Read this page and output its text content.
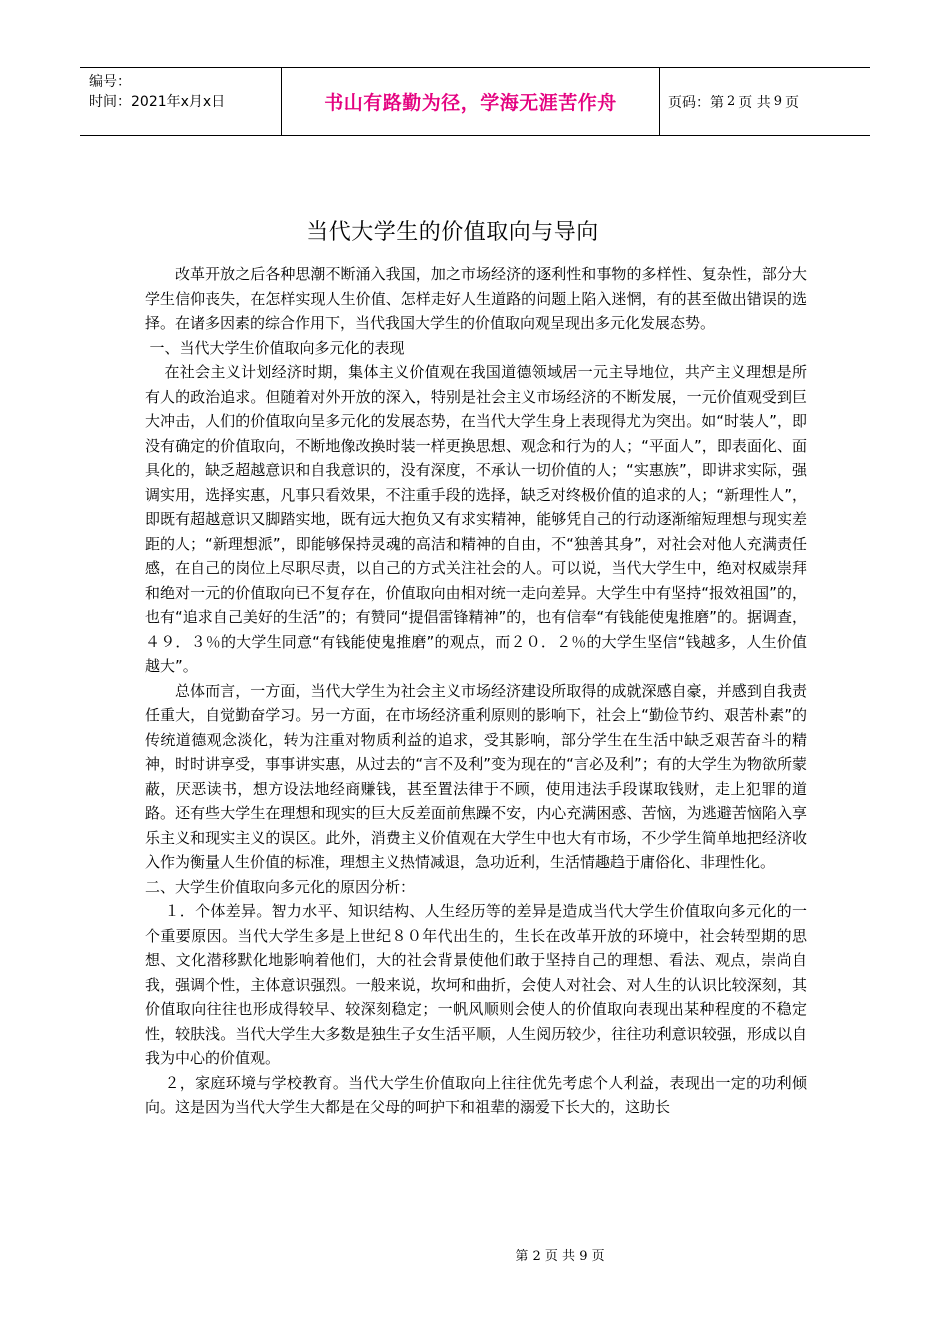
编号：
时间：2021年x月x日	书山有路勤为径，学海无涯苦作舟	页码：第 2 页 共 9 页
当代大学生的价值取向与导向

改革开放之后各种思潮不断涌入我国，加之市场经济的逐利性和事物的多样性、复杂性，部分大学生信仰丧失，在怎样实现人生价值、怎样走好人生道路的问题上陷入迷惘，有的甚至做出错误的选择。在诸多因素的综合作用下，当代我国大学生的价值取向观呈现出多元化发展态势。

一、当代大学生价值取向多元化的表现

在社会主义计划经济时期，集体主义价值观在我国道德领域居一元主导地位，共产主义理想是所有人的政治追求。但随着对外开放的深入，特别是社会主义市场经济的不断发展，一元价值观受到巨大冲击，人们的价值取向呈多元化的发展态势，在当代大学生身上表现得尤为突出。如“时装人”，即没有确定的价值取向，不断地像改换时装一样更换思想、观念和行为的人；“平面人”，即表面化、面具化的，缺乏超越意识和自我意识的，没有深度，不承认一切价值的人；“实惠族”，即讲求实际，强调实用，选择实惠，凡事只看效果，不注重手段的选择，缺乏对终极价值的追求的人；“新理性人”，即既有超越意识又脚踏实地，既有远大抱负又有求实精神，能够凭自己的行动逐渐缩短理想与现实差距的人；“新理想派”，即能够保持灵魂的高洁和精神的自由，不“独善其身”，对社会对他人充满责任感，在自己的岗位上尽职尽责，以自己的方式关注社会的人。可以说，当代大学生中，绝对权威崇拜和绝对一元的价值取向已不复存在，价值取向由相对统一走向差异。大学生中有坚持“报效祖国”的，也有“追求自己美好的生活”的；有赞同“提倡雷锋精神”的，也有信奉“有钱能使鬼推磨”的。据调查，４９．３％的大学生同意“有钱能使鬼推磨”的观点，而２０．２％的大学生坚信“钱越多，人生价值越大”。

总体而言，一方面，当代大学生为社会主义市场经济建设所取得的成就深感自豪，并感到自我责任重大，自觉勤奋学习。另一方面，在市场经济重利原则的影响下，社会上“勤俭节约、艰苦朴素”的传统道德观念淡化，转为注重对物质利益的追求，受其影响，部分学生在生活中缺乏艰苦奋斗的精神，时时讲享受，事事讲实惠，从过去的“言不及利”变为现在的“言必及利”；有的大学生为物欲所蒙蔽，厌恶读书，想方设法地经商赚钱，甚至置法律于不顾，使用违法手段谋取钱财，走上犯罪的道路。还有些大学生在理想和现实的巨大反差面前焦躁不安，内心充满困惑、苦恼，为逃避苦恼陷入享乐主义和现实主义的误区。此外，消费主义价值观在大学生中也大有市场，不少学生简单地把经济收入作为衡量人生价值的标准，理想主义热情减退，急功近利，生活情趣趋于庸俗化、非理性化。

二、大学生价值取向多元化的原因分析：

１．个体差异。智力水平、知识结构、人生经历等的差异是造成当代大学生价值取向多元化的一个重要原因。当代大学生多是上世纪８０年代出生的，生长在改革开放的环境中，社会转型期的思想、文化潜移默化地影响着他们，大的社会背景使他们敢于坚持自己的理想、看法、观点，崇尚自我，强调个性，主体意识强烈。一般来说，坎坷和曲折，会使人对社会、对人生的认识比较深刻，其价值取向往往也形成得较早、较深刻稳定；一帆风顺则会使人的价值取向表现出某种程度的不稳定性，较肤浅。当代大学生大多数是独生子女生活平顺，人生阅历较少，往往功利意识较强，形成以自我为中心的价值观。

２，家庭环境与学校教育。当代大学生价值取向上往往优先考虑个人利益，表现出一定的功利倾向。这是因为当代大学生大都是在父母的呵护下和祖辈的溺爱下长大的，这助长

第 2 页 共 9 页
